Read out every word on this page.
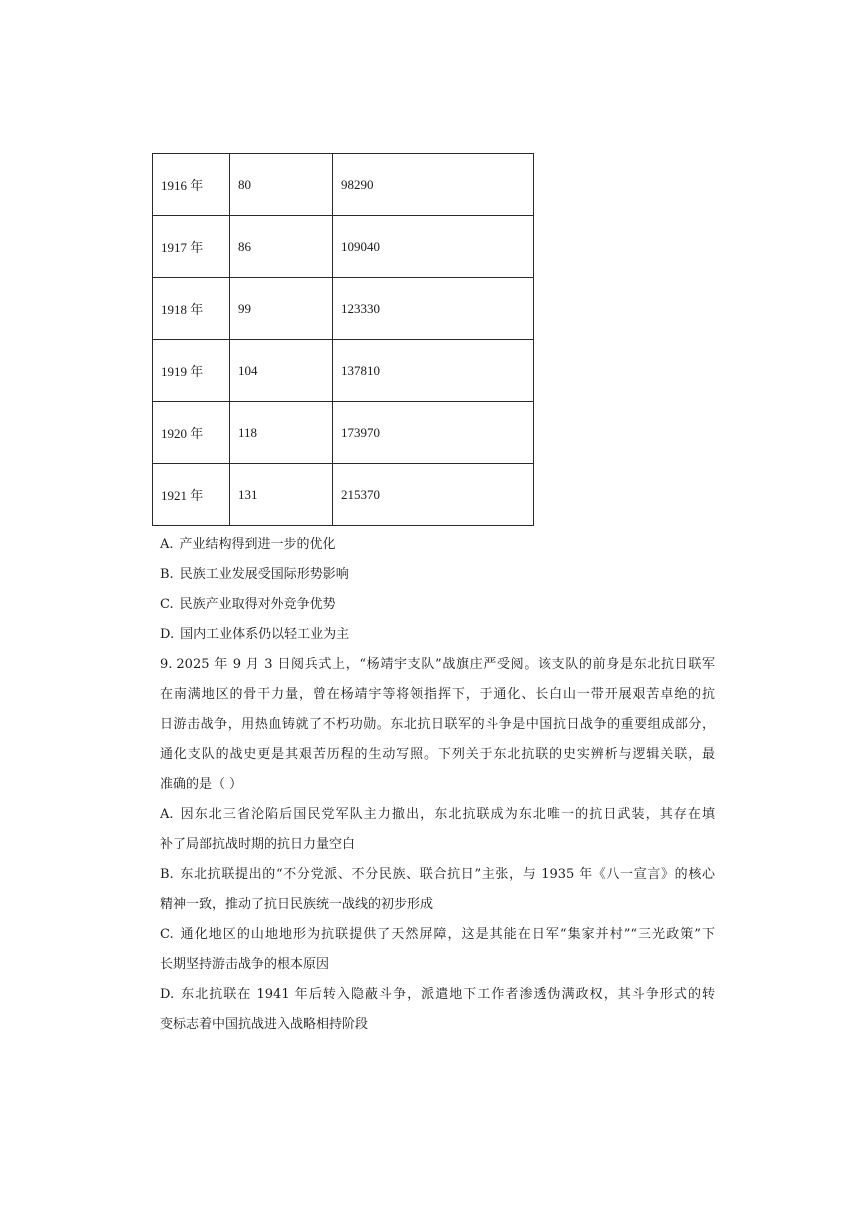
1916 年	80	98290
1917 年	86	109040
1918 年	99	123330
1919 年	104	137810
1920 年	118	173970
1921 年	131	215370
A. 产业结构得到进一步的优化
B. 民族工业发展受国际形势影响
C. 民族产业取得对外竞争优势
D. 国内工业体系仍以轻工业为主
9. 2025 年 9 月 3 日阅兵式上，“杨靖宇支队”战旗庄严受阅。该支队的前身是东北抗日联军
在南满地区的骨干力量，曾在杨靖宇等将领指挥下，于通化、长白山一带开展艰苦卓绝的抗
日游击战争，用热血铸就了不朽功勋。东北抗日联军的斗争是中国抗日战争的重要组成部分，
通化支队的战史更是其艰苦历程的生动写照。下列关于东北抗联的史实辨析与逻辑关联，最
准确的是（ ）
A. 因东北三省沦陷后国民党军队主力撤出，东北抗联成为东北唯一的抗日武装，其存在填
补了局部抗战时期的抗日力量空白
B. 东北抗联提出的“不分党派、不分民族、联合抗日”主张，与 1935 年《八一宣言》的核心
精神一致，推动了抗日民族统一战线的初步形成
C. 通化地区的山地地形为抗联提供了天然屏障，这是其能在日军“集家并村”“三光政策”下
长期坚持游击战争的根本原因
D. 东北抗联在 1941 年后转入隐蔽斗争，派遣地下工作者渗透伪满政权，其斗争形式的转
变标志着中国抗战进入战略相持阶段
